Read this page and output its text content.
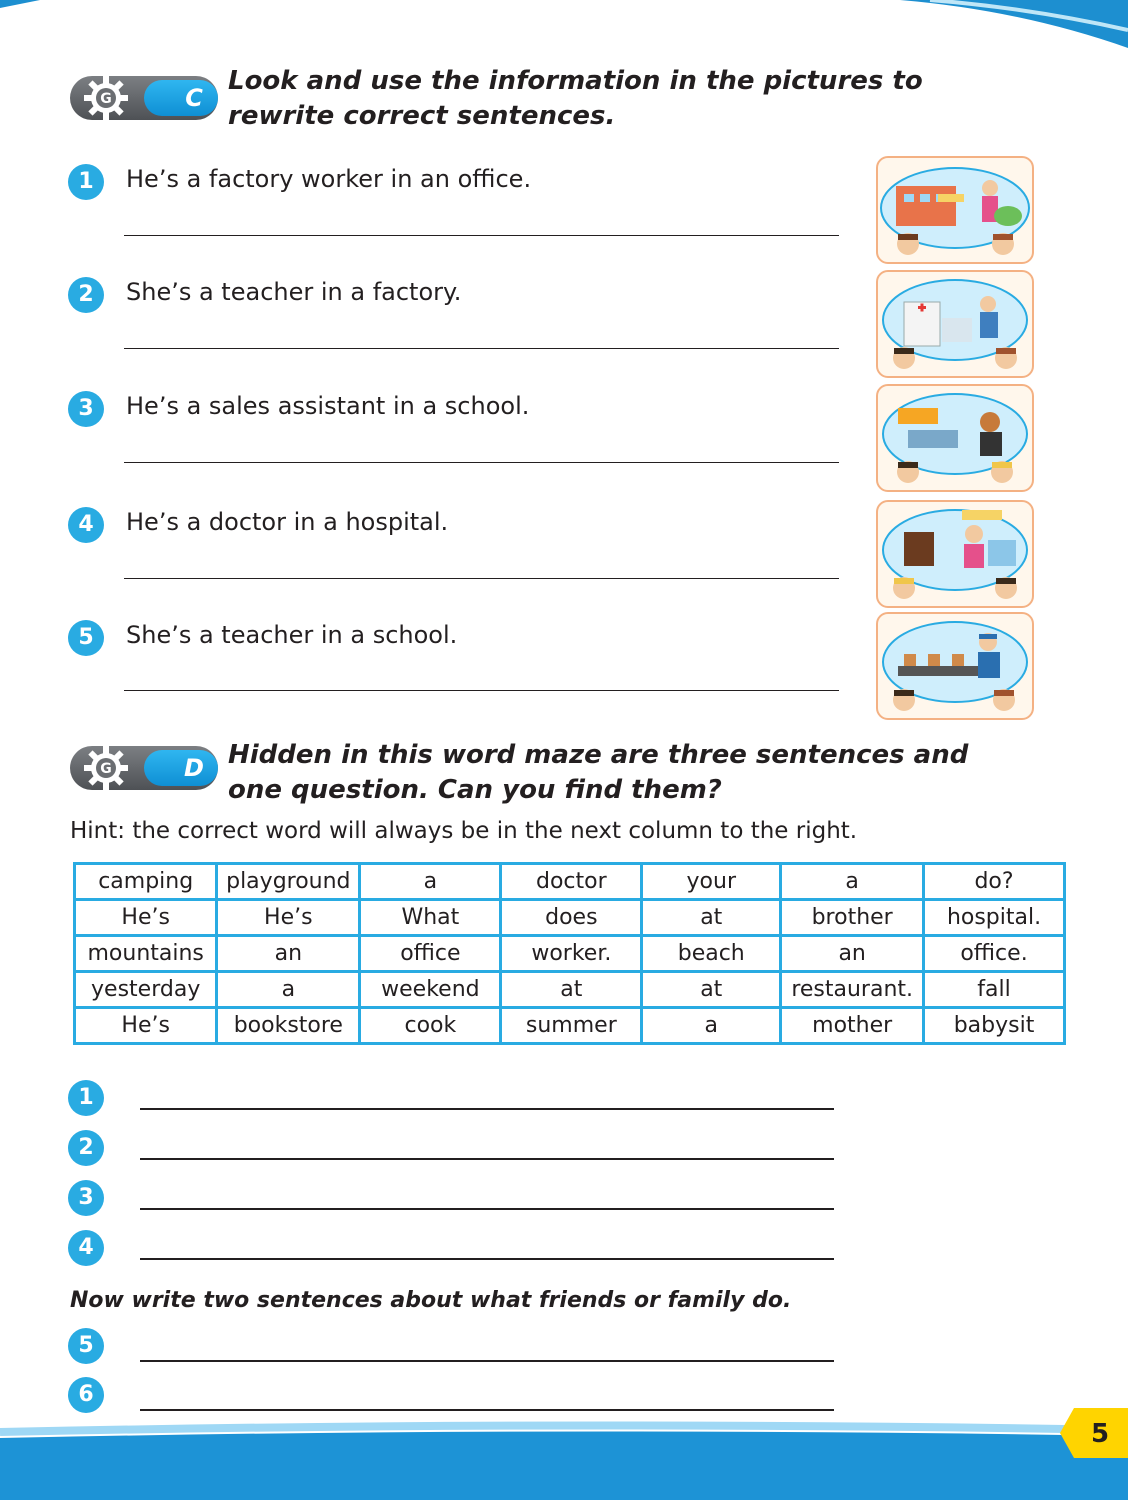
G	C
Look and use the information in the pictures to rewrite correct sentences.
1	He’s a factory worker in an office.
2	She’s a teacher in a factory.
3	He’s a sales assistant in a school.
4	He’s a doctor in a hospital.
5	She’s a teacher in a school.
G	D Hidden in this word maze are three sentences and one question. Can you find them?
Hint: the correct word will always be in the next column to the right.
camping	playground	a	doctor	your	a	do?
He’s	He’s	What	does	at	brother	hospital.
mountains	an	office	worker.	beach	an	office.
yesterday	a	weekend	at	at	restaurant.	fall
He’s	bookstore	cook	summer	a	mother	babysit
1
2
3
4
Now write two sentences about what friends or family do.
5
6
5
